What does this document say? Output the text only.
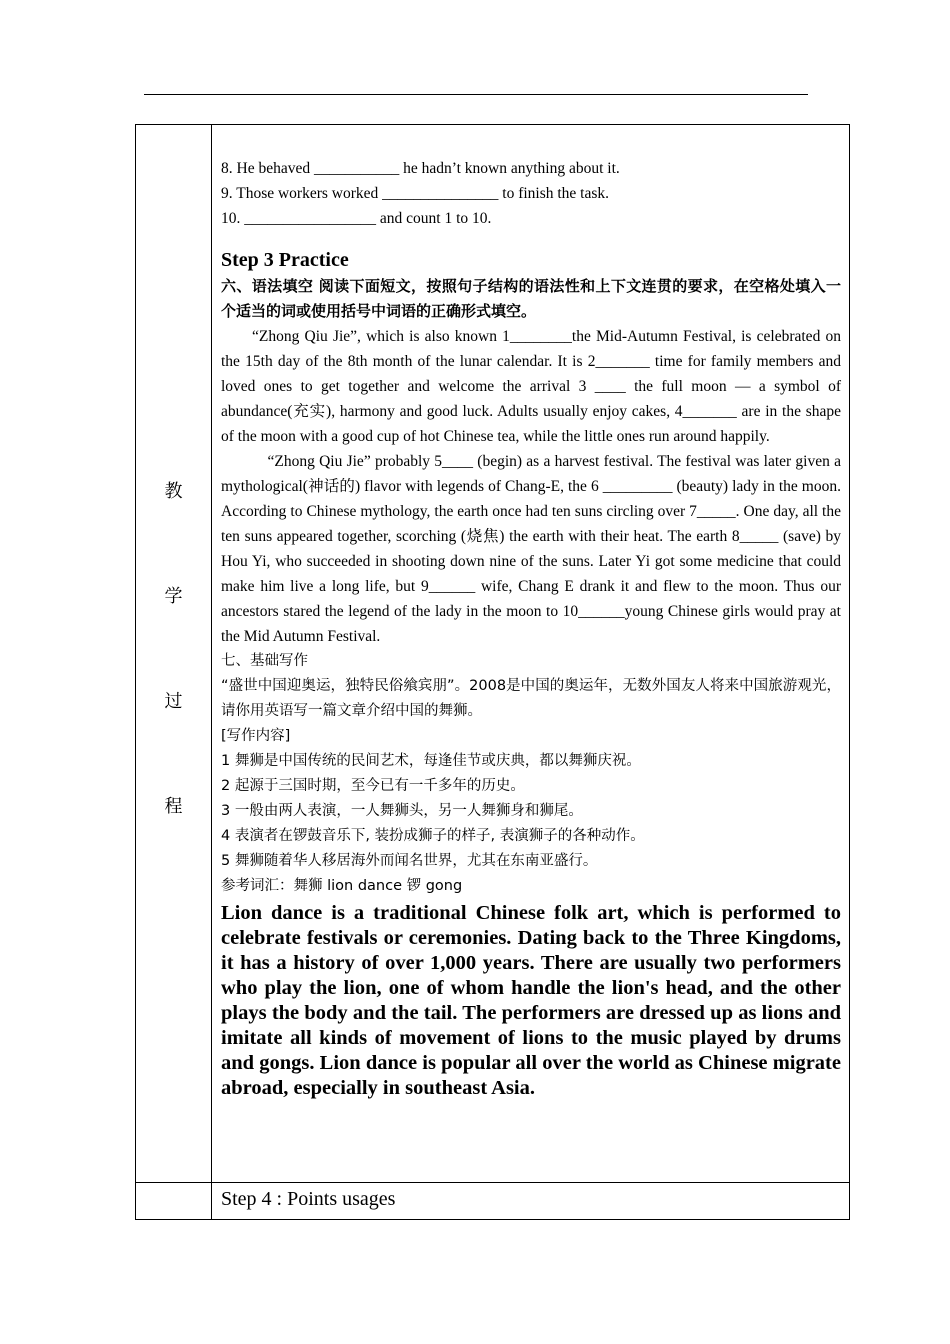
教
学
过
程

8. He behaved ___________ he hadn’t known anything about it.

9. Those workers worked _______________ to finish the task.

10. _________________ and count 1 to 10.

Step 3 Practice

六、语法填空 阅读下面短文，按照句子结构的语法性和上下文连贯的要求，在空格处填入一个适当的词或使用括号中词语的正确形式填空。

“Zhong Qiu Jie”, which is also known 1________the Mid-Autumn Festival, is celebrated on the 15th day of the 8th month of the lunar calendar. It is 2_______ time for family members and loved ones to get together and welcome the arrival 3 ____ the full moon — a symbol of abundance(充实), harmony and good luck. Adults usually enjoy cakes, 4_______ are in the shape of the moon with a good cup of hot Chinese tea, while the little ones run around happily.

“Zhong Qiu Jie” probably 5____ (begin) as a harvest festival. The festival was later given a mythological(神话的) flavor with legends of Chang-E, the 6 _________ (beauty) lady in the moon. According to Chinese mythology, the earth once had ten suns circling over 7_____. One day, all the ten suns appeared together, scorching (烧焦) the earth with their heat. The earth 8_____ (save) by Hou Yi, who succeeded in shooting down nine of the suns. Later Yi got some medicine that could make him live a long life, but 9______ wife, Chang E drank it and flew to the moon. Thus our ancestors stared the legend of the lady in the moon to 10______young Chinese girls would pray at the Mid Autumn Festival.

七、基础写作

“盛世中国迎奥运，独特民俗飨宾朋”。2008是中国的奥运年，无数外国友人将来中国旅游观光，请你用英语写一篇文章介绍中国的舞狮。

[写作内容]

1 舞狮是中国传统的民间艺术，每逢佳节或庆典，都以舞狮庆祝。

2 起源于三国时期，至今已有一千多年的历史。

3 一般由两人表演，一人舞狮头，另一人舞狮身和狮尾。

4 表演者在锣鼓音乐下, 装扮成狮子的样子, 表演狮子的各种动作。

5 舞狮随着华人移居海外而闻名世界，尤其在东南亚盛行。

参考词汇：舞狮 lion dance 锣 gong

Lion dance is a traditional Chinese folk art, which is performed to celebrate festivals or ceremonies. Dating back to the Three Kingdoms, it has a history of over 1,000 years. There are usually two performers who play the lion, one of whom handle the lion's head, and the other plays the body and the tail. The performers are dressed up as lions and imitate all kinds of movement of lions to the music played by drums and gongs. Lion dance is popular all over the world as Chinese migrate abroad, especially in southeast Asia.

Step 4 : Points usages
